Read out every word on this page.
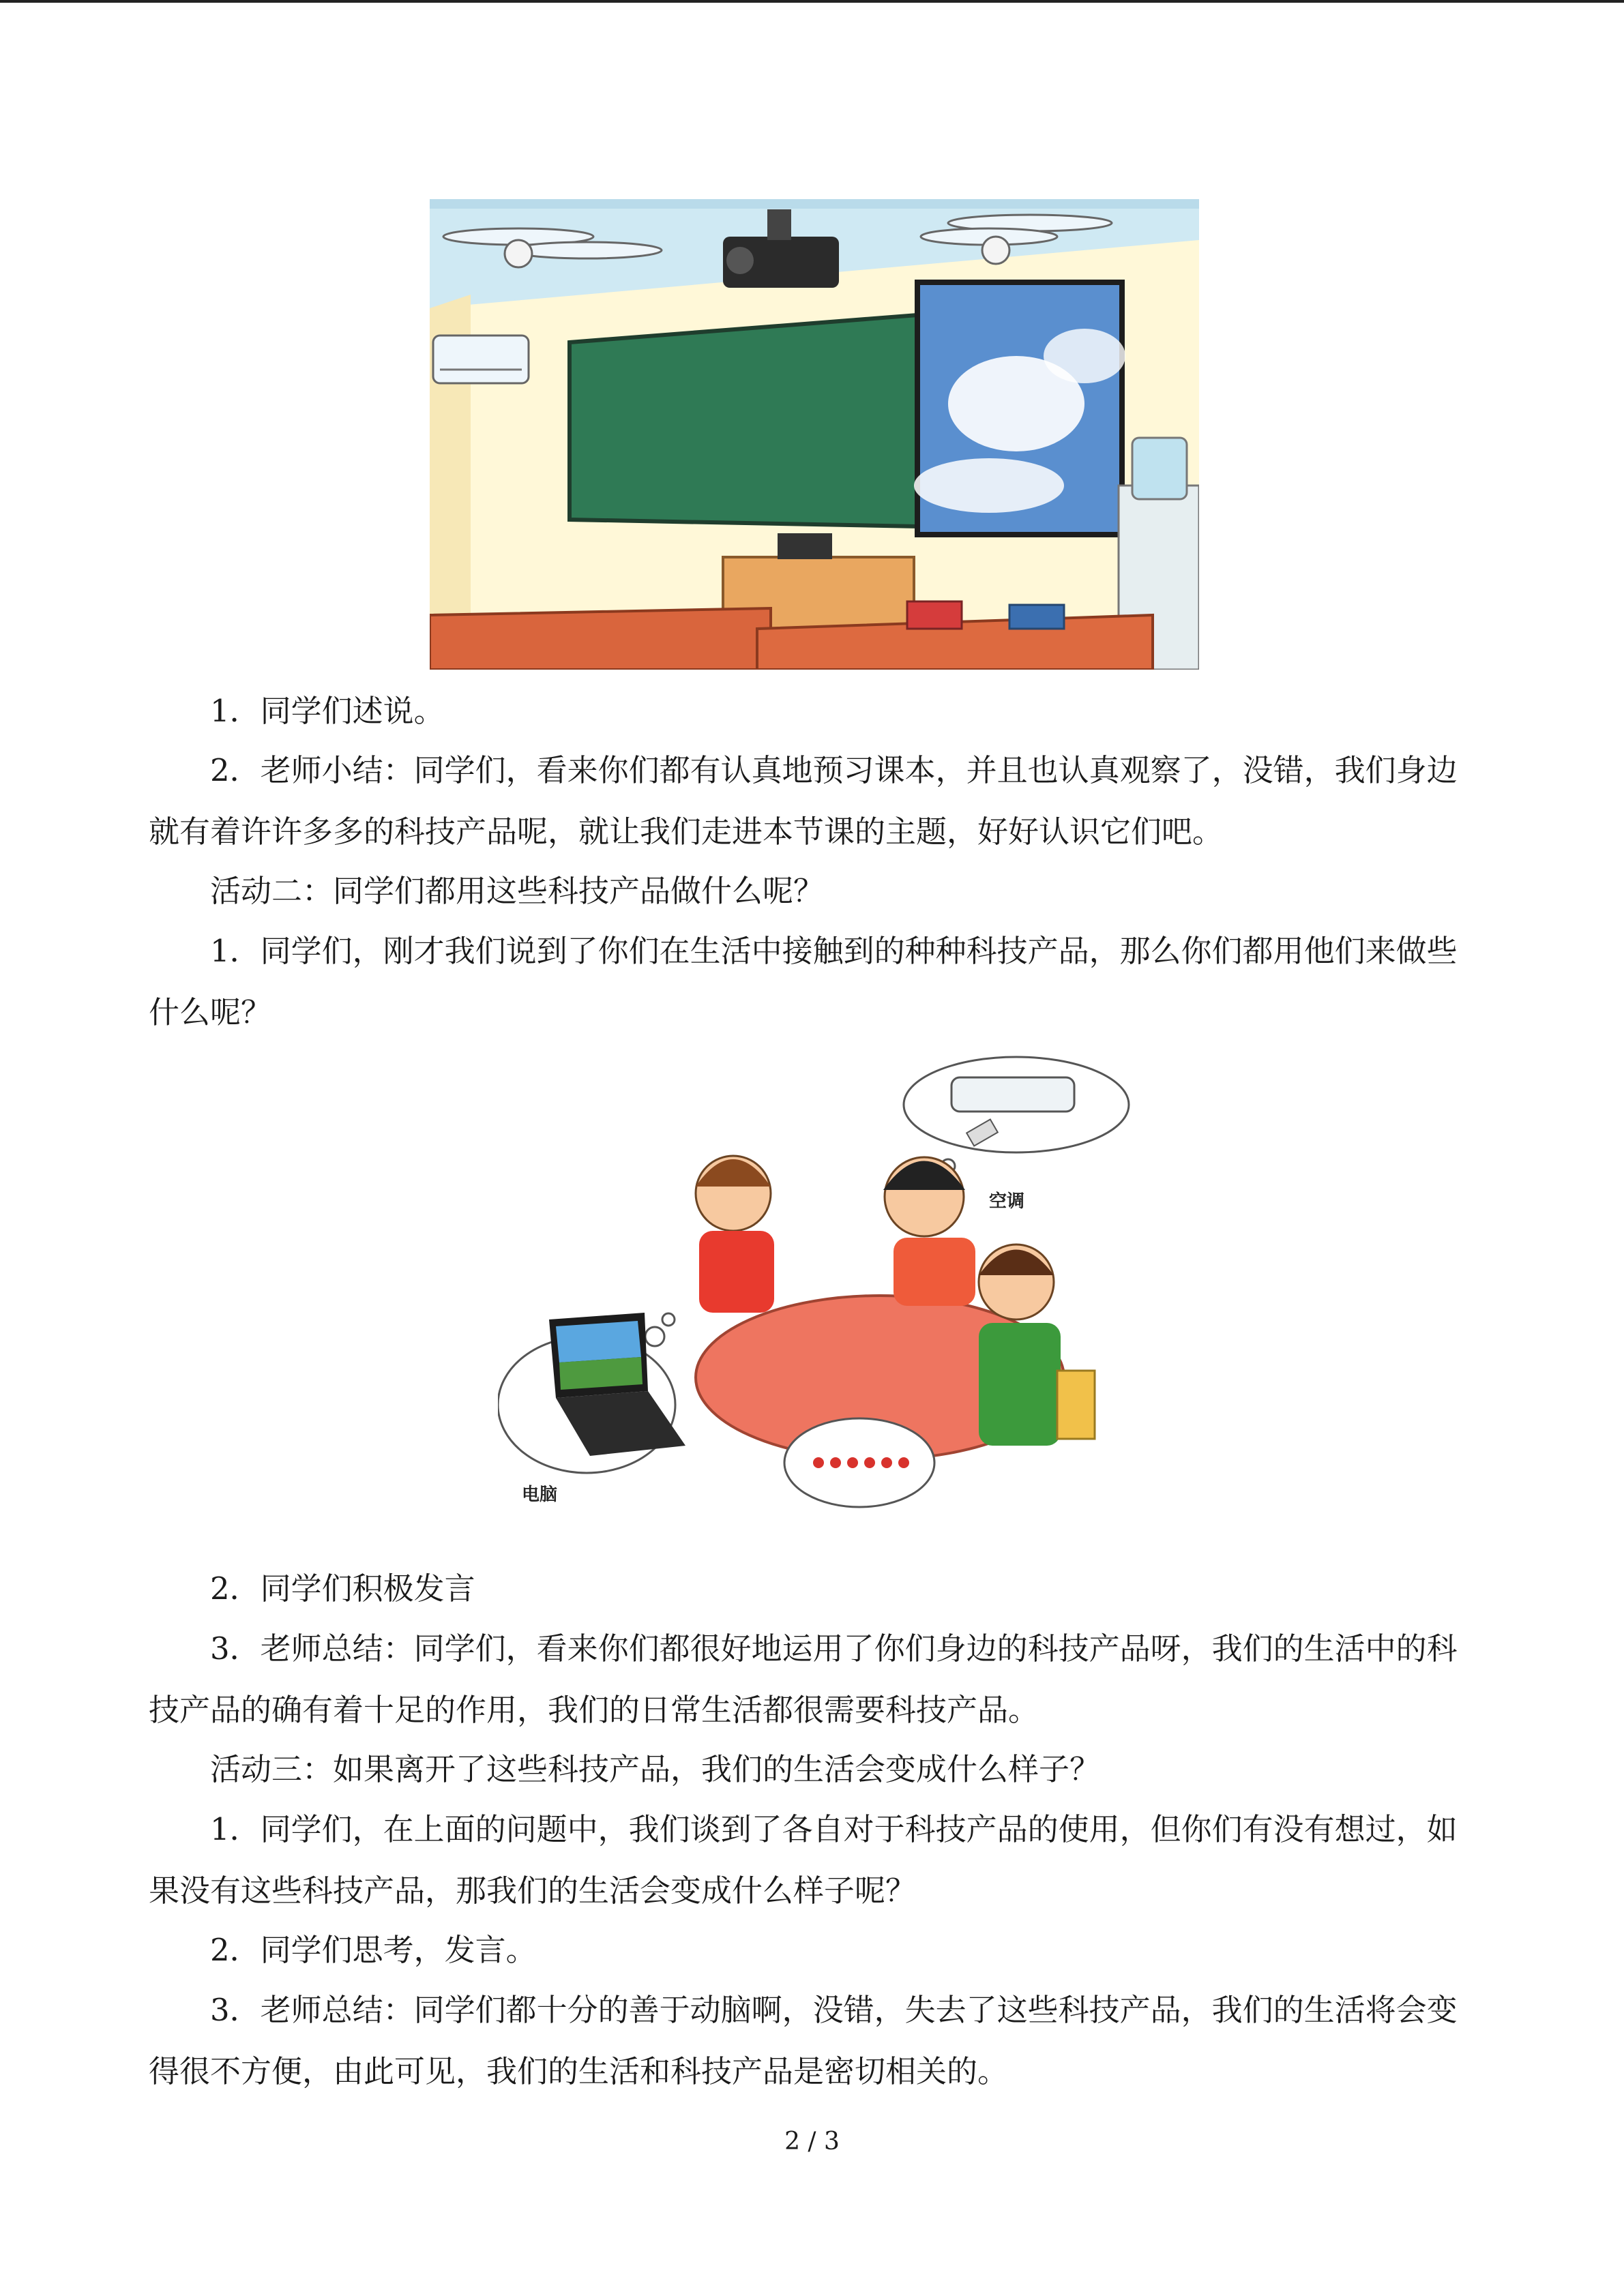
1．同学们述说。

2．老师小结：同学们，看来你们都有认真地预习课本，并且也认真观察了，没错，我们身边就有着许许多多的科技产品呢，就让我们走进本节课的主题，好好认识它们吧。

活动二：同学们都用这些科技产品做什么呢？

1．同学们，刚才我们说到了你们在生活中接触到的种种科技产品，那么你们都用他们来做些什么呢？

空调
电脑

2．同学们积极发言

3．老师总结：同学们，看来你们都很好地运用了你们身边的科技产品呀，我们的生活中的科技产品的确有着十足的作用，我们的日常生活都很需要科技产品。

活动三：如果离开了这些科技产品，我们的生活会变成什么样子？

1．同学们，在上面的问题中，我们谈到了各自对于科技产品的使用，但你们有没有想过，如果没有这些科技产品，那我们的生活会变成什么样子呢？

2．同学们思考，发言。

3．老师总结：同学们都十分的善于动脑啊，没错，失去了这些科技产品，我们的生活将会变得很不方便，由此可见，我们的生活和科技产品是密切相关的。

2 / 3
